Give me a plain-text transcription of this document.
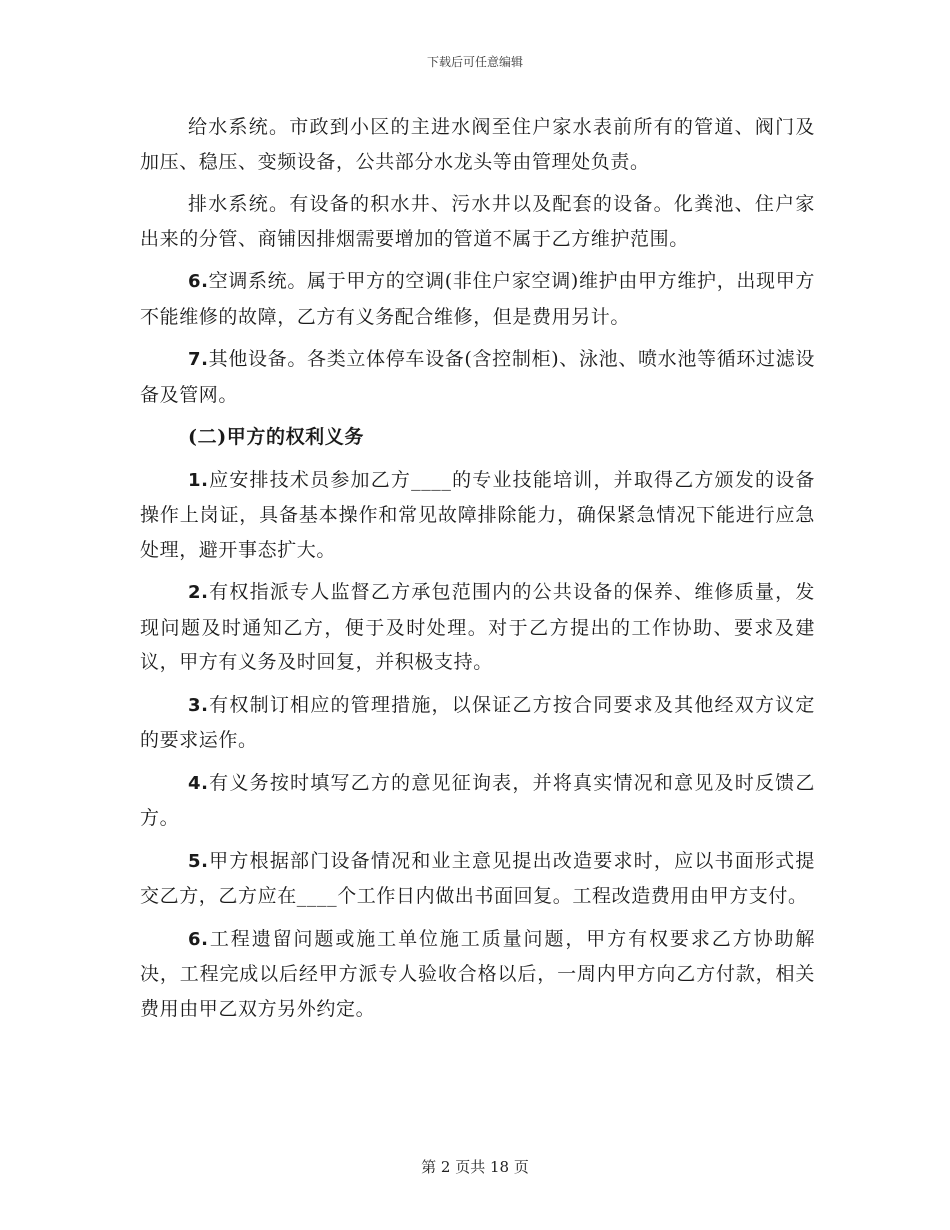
下载后可任意编辑

给水系统。市政到小区的主进水阀至住户家水表前所有的管道、阀门及加压、稳压、变频设备，公共部分水龙头等由管理处负责。

排水系统。有设备的积水井、污水井以及配套的设备。化粪池、住户家出来的分管、商铺因排烟需要增加的管道不属于乙方维护范围。

6.空调系统。属于甲方的空调(非住户家空调)维护由甲方维护，出现甲方不能维修的故障，乙方有义务配合维修，但是费用另计。

7.其他设备。各类立体停车设备(含控制柜)、泳池、喷水池等循环过滤设备及管网。

(二)甲方的权利义务

1.应安排技术员参加乙方____的专业技能培训，并取得乙方颁发的设备操作上岗证，具备基本操作和常见故障排除能力，确保紧急情况下能进行应急处理，避开事态扩大。

2.有权指派专人监督乙方承包范围内的公共设备的保养、维修质量，发现问题及时通知乙方，便于及时处理。对于乙方提出的工作协助、要求及建议，甲方有义务及时回复，并积极支持。

3.有权制订相应的管理措施，以保证乙方按合同要求及其他经双方议定的要求运作。

4.有义务按时填写乙方的意见征询表，并将真实情况和意见及时反馈乙方。

5.甲方根据部门设备情况和业主意见提出改造要求时，应以书面形式提交乙方，乙方应在____个工作日内做出书面回复。工程改造费用由甲方支付。

6.工程遗留问题或施工单位施工质量问题，甲方有权要求乙方协助解决，工程完成以后经甲方派专人验收合格以后，一周内甲方向乙方付款，相关费用由甲乙双方另外约定。

第 2 页共 18 页
